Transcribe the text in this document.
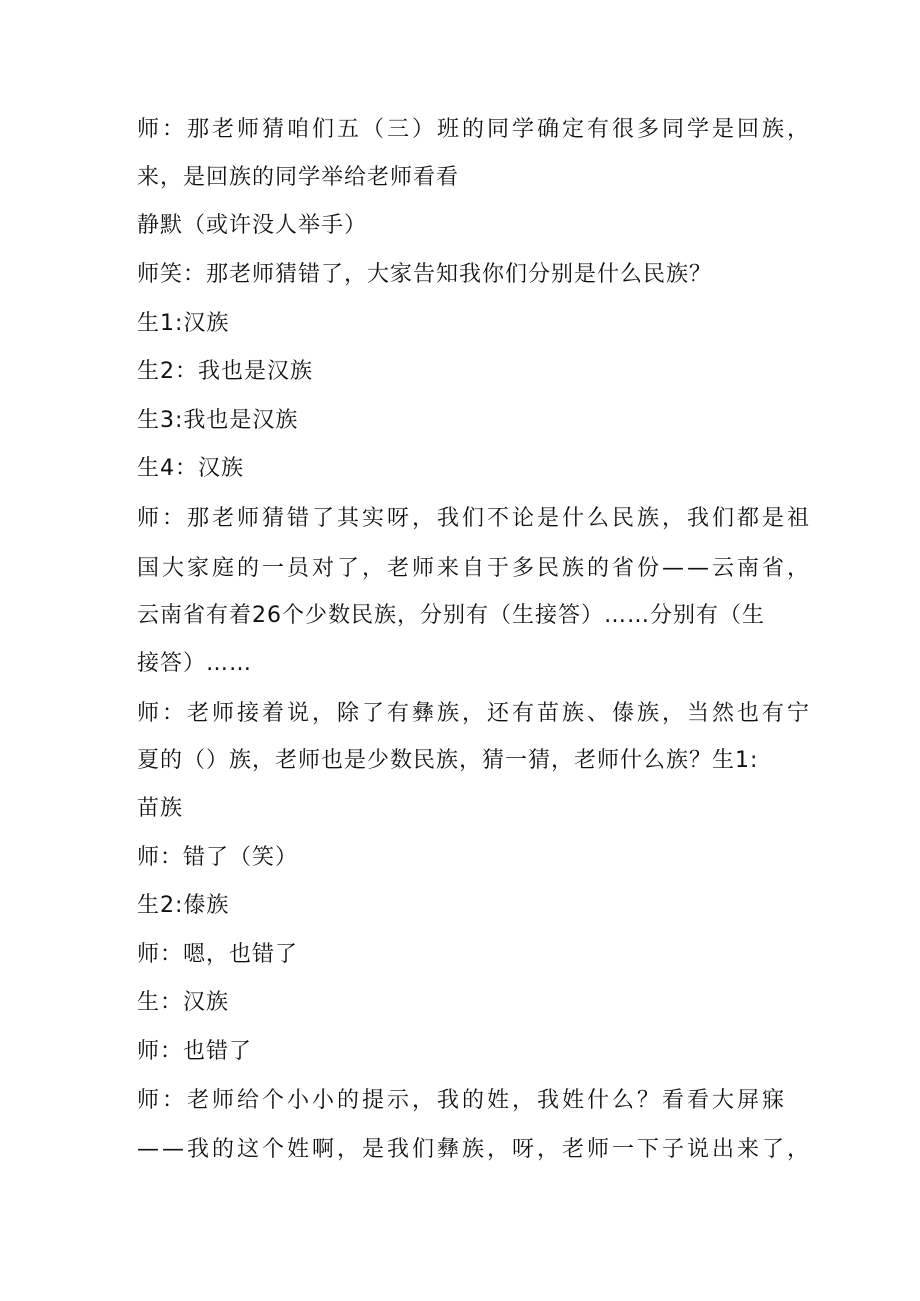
师：那老师猜咱们五（三）班的同学确定有很多同学是回族，
来，是回族的同学举给老师看看
静默（或许没人举手）
师笑：那老师猜错了，大家告知我你们分别是什么民族？
生1:汉族
生2：我也是汉族
生3:我也是汉族
生4：汉族
师：那老师猜错了其实呀，我们不论是什么民族，我们都是祖
国大家庭的一员对了，老师来自于多民族的省份——云南省，
云南省有着26个少数民族，分别有（生接答）……分别有（生
接答）……
师：老师接着说，除了有彝族，还有苗族、傣族，当然也有宁
夏的（）族，老师也是少数民族，猜一猜，老师什么族？生1:
苗族
师：错了（笑）
生2:傣族
师：嗯，也错了
生：汉族
师：也错了
师：老师给个小小的提示，我的姓，我姓什么？看看大屏寐
——我的这个姓啊，是我们彝族，呀，老师一下子说出来了，
